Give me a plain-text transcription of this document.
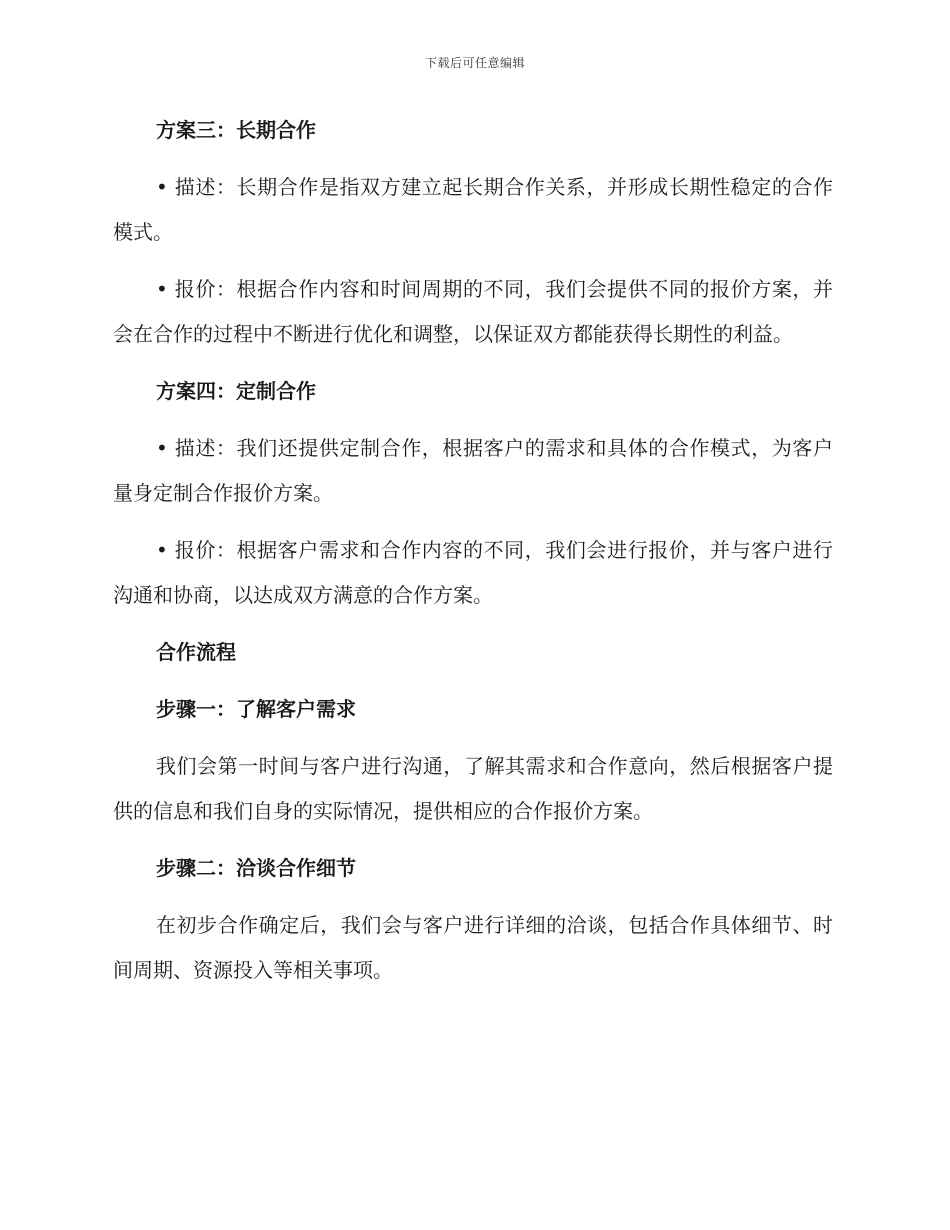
下载后可任意编辑
方案三：长期合作
• 描述：长期合作是指双方建立起长期合作关系，并形成长期性稳定的合作模式。
• 报价：根据合作内容和时间周期的不同，我们会提供不同的报价方案，并会在合作的过程中不断进行优化和调整，以保证双方都能获得长期性的利益。
方案四：定制合作
• 描述：我们还提供定制合作，根据客户的需求和具体的合作模式，为客户量身定制合作报价方案。
• 报价：根据客户需求和合作内容的不同，我们会进行报价，并与客户进行沟通和协商，以达成双方满意的合作方案。
合作流程
步骤一：了解客户需求
我们会第一时间与客户进行沟通，了解其需求和合作意向，然后根据客户提供的信息和我们自身的实际情况，提供相应的合作报价方案。
步骤二：洽谈合作细节
在初步合作确定后，我们会与客户进行详细的洽谈，包括合作具体细节、时间周期、资源投入等相关事项。
